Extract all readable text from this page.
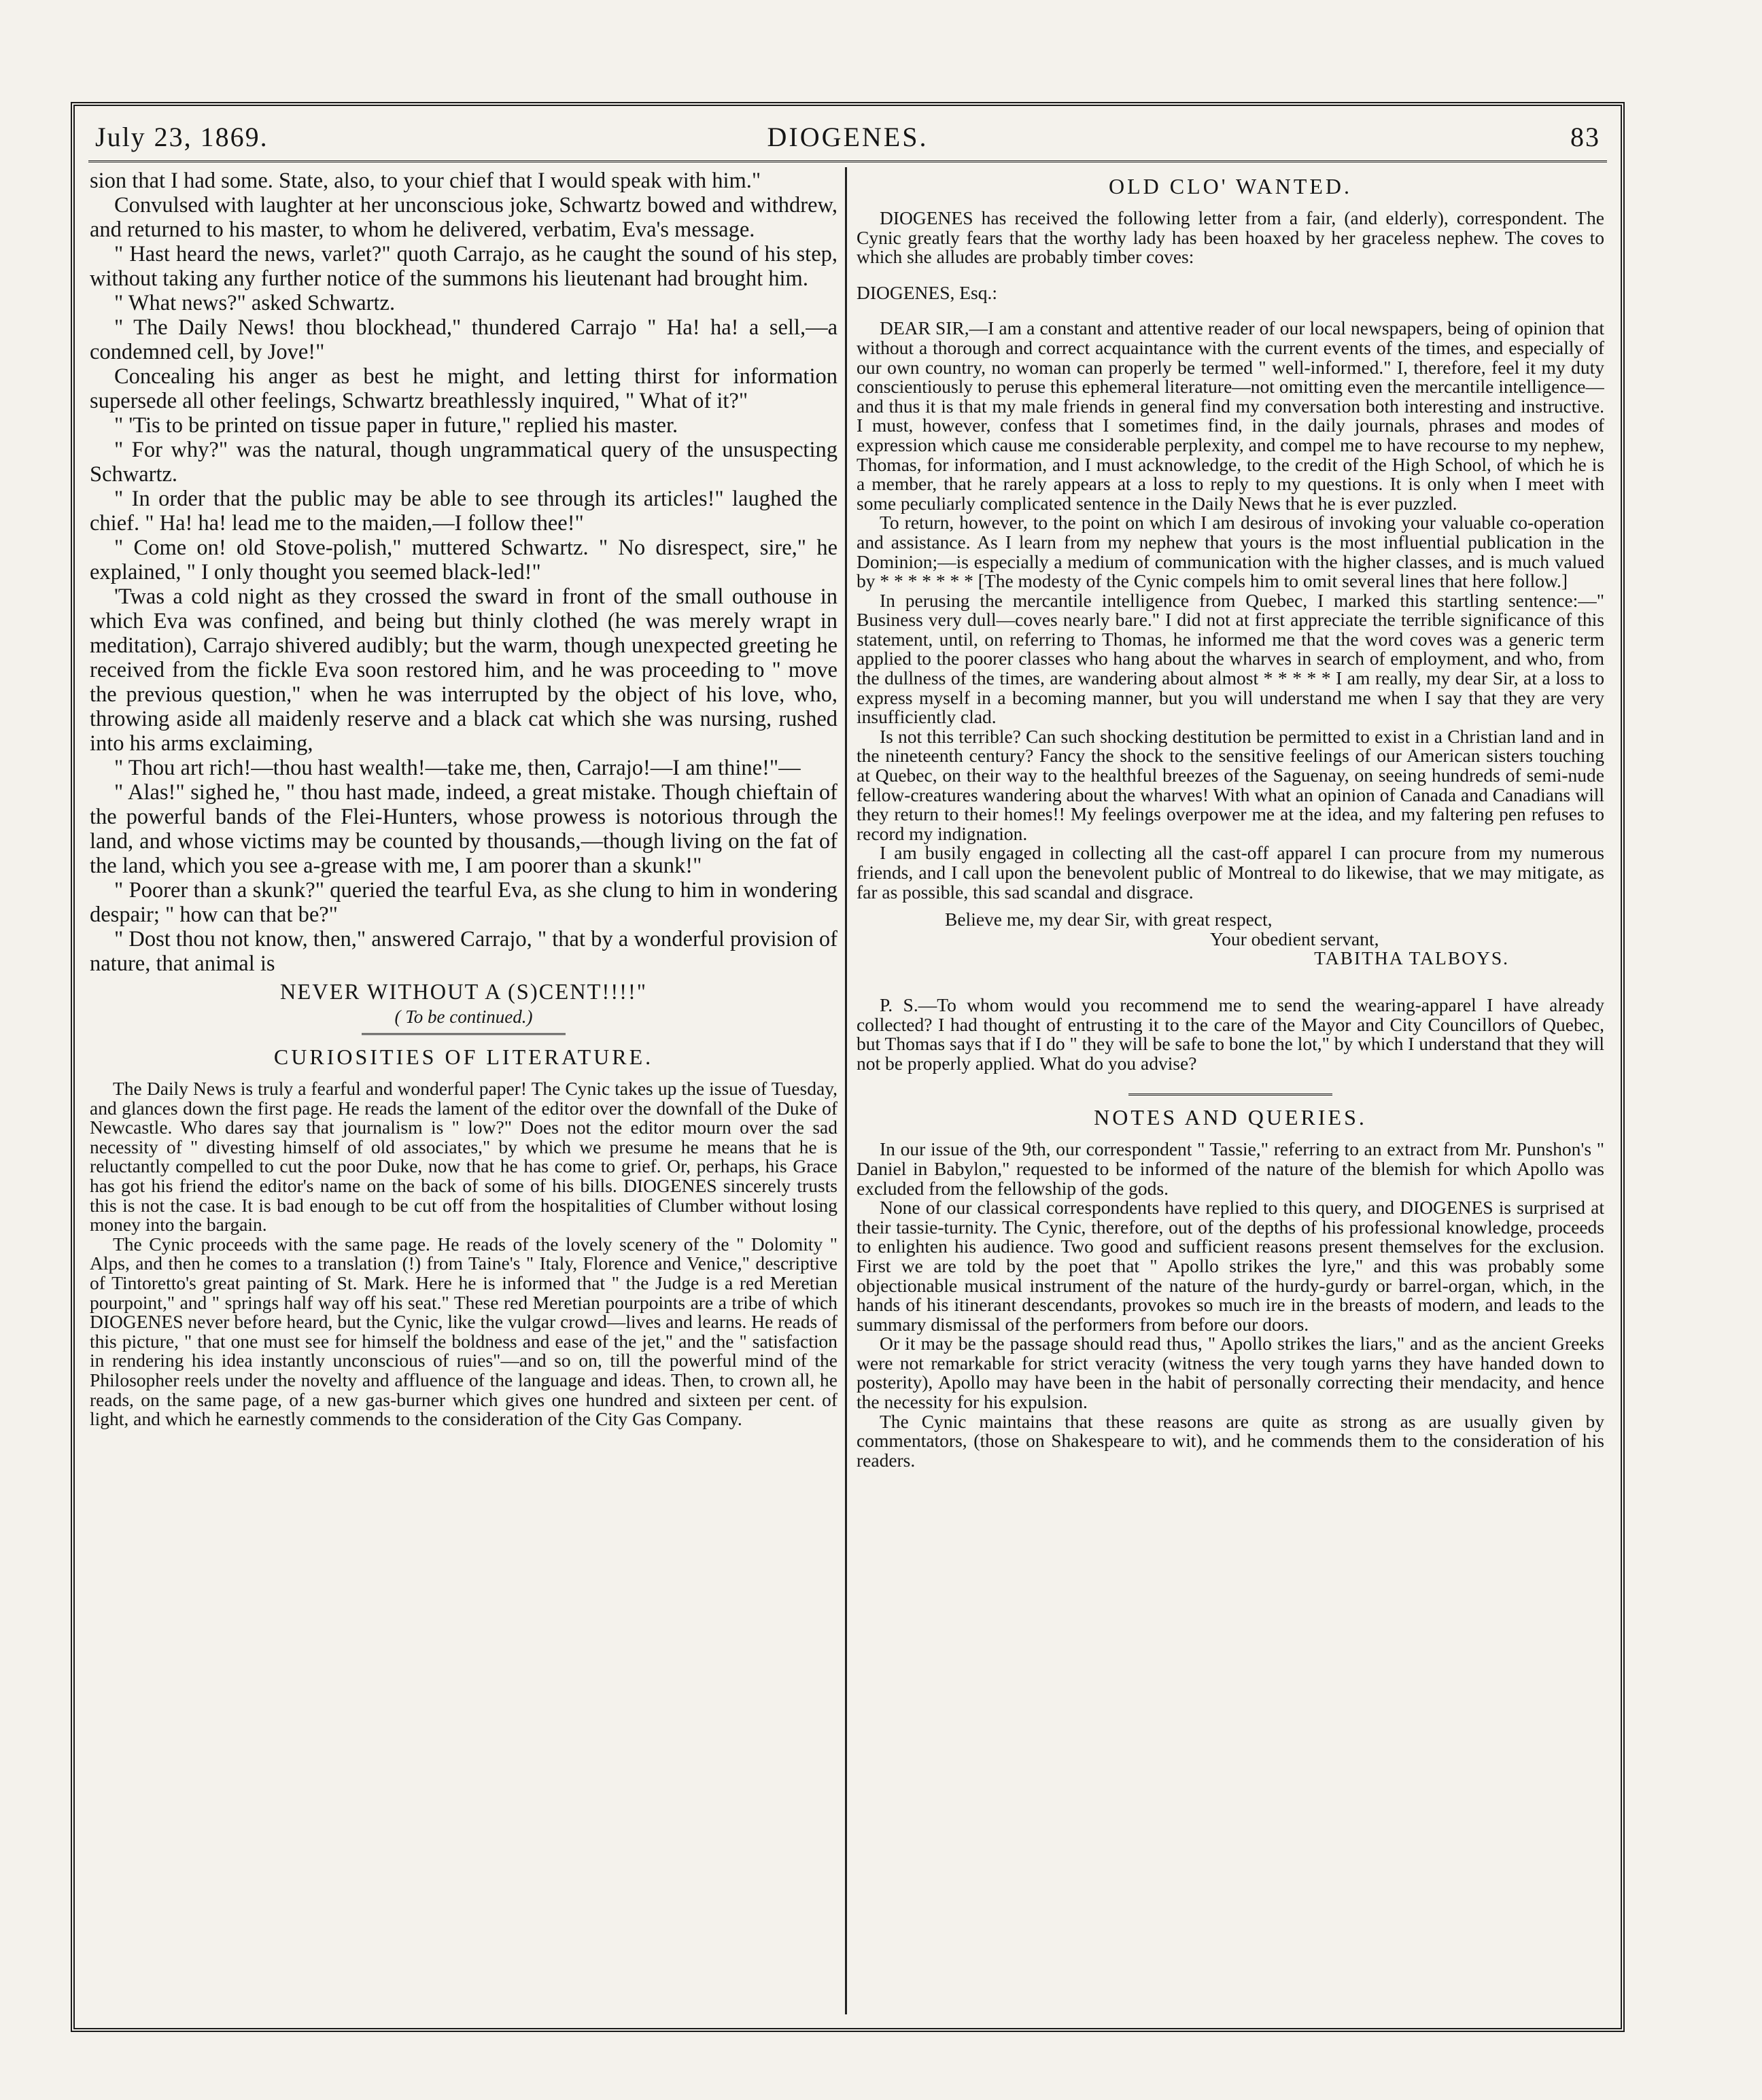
July 23, 1869.	DIOGENES.	83

sion that I had some. State, also, to your chief that I would speak with him."

Convulsed with laughter at her unconscious joke, Schwartz bowed and withdrew, and returned to his master, to whom he delivered, verbatim, Eva's message.

" Hast heard the news, varlet?" quoth Carrajo, as he caught the sound of his step, without taking any further notice of the summons his lieutenant had brought him.

" What news?" asked Schwartz.

" The Daily News! thou blockhead," thundered Carrajo " Ha! ha! a sell,—a condemned cell, by Jove!"

Concealing his anger as best he might, and letting thirst for information supersede all other feelings, Schwartz breathlessly inquired, " What of it?"

" 'Tis to be printed on tissue paper in future," replied his master.

" For why?" was the natural, though ungrammatical query of the unsuspecting Schwartz.

" In order that the public may be able to see through its articles!" laughed the chief. " Ha! ha! lead me to the maiden,—I follow thee!"

" Come on! old Stove-polish," muttered Schwartz. " No disrespect, sire," he explained, " I only thought you seemed black-led!"

'Twas a cold night as they crossed the sward in front of the small outhouse in which Eva was confined, and being but thinly clothed (he was merely wrapt in meditation), Carrajo shivered audibly; but the warm, though unexpected greeting he received from the fickle Eva soon restored him, and he was proceeding to " move the previous question," when he was interrupted by the object of his love, who, throwing aside all maidenly reserve and a black cat which she was nursing, rushed into his arms exclaiming,

" Thou art rich!—thou hast wealth!—take me, then, Carrajo!—I am thine!"—

" Alas!" sighed he, " thou hast made, indeed, a great mistake. Though chieftain of the powerful bands of the Flei-Hunters, whose prowess is notorious through the land, and whose victims may be counted by thousands,—though living on the fat of the land, which you see a-grease with me, I am poorer than a skunk!"

" Poorer than a skunk?" queried the tearful Eva, as she clung to him in wondering despair; " how can that be?"

" Dost thou not know, then," answered Carrajo, " that by a wonderful provision of nature, that animal is

NEVER WITHOUT A (S)CENT!!!!"

( To be continued.)

CURIOSITIES OF LITERATURE.

The Daily News is truly a fearful and wonderful paper! The Cynic takes up the issue of Tuesday, and glances down the first page. He reads the lament of the editor over the downfall of the Duke of Newcastle. Who dares say that journalism is " low?" Does not the editor mourn over the sad necessity of " divesting himself of old associates," by which we presume he means that he is reluctantly compelled to cut the poor Duke, now that he has come to grief. Or, perhaps, his Grace has got his friend the editor's name on the back of some of his bills. DIOGENES sincerely trusts this is not the case. It is bad enough to be cut off from the hospitalities of Clumber without losing money into the bargain.

The Cynic proceeds with the same page. He reads of the lovely scenery of the " Dolomity " Alps, and then he comes to a translation (!) from Taine's " Italy, Florence and Venice," descriptive of Tintoretto's great painting of St. Mark. Here he is informed that " the Judge is a red Meretian pourpoint," and " springs half way off his seat." These red Meretian pourpoints are a tribe of which DIOGENES never before heard, but the Cynic, like the vulgar crowd—lives and learns. He reads of this picture, " that one must see for himself the boldness and ease of the jet," and the " satisfaction in rendering his idea instantly unconscious of ruies"—and so on, till the powerful mind of the Philosopher reels under the novelty and affluence of the language and ideas. Then, to crown all, he reads, on the same page, of a new gas-burner which gives one hundred and sixteen per cent. of light, and which he earnestly commends to the consideration of the City Gas Company.

OLD CLO' WANTED.

DIOGENES has received the following letter from a fair, (and elderly), correspondent. The Cynic greatly fears that the worthy lady has been hoaxed by her graceless nephew. The coves to which she alludes are probably timber coves:

DIOGENES, Esq.:

DEAR SIR,—I am a constant and attentive reader of our local newspapers, being of opinion that without a thorough and correct acquaintance with the current events of the times, and especially of our own country, no woman can properly be termed " well-informed." I, therefore, feel it my duty conscientiously to peruse this ephemeral literature—not omitting even the mercantile intelligence—and thus it is that my male friends in general find my conversation both interesting and instructive. I must, however, confess that I sometimes find, in the daily journals, phrases and modes of expression which cause me considerable perplexity, and compel me to have recourse to my nephew, Thomas, for information, and I must acknowledge, to the credit of the High School, of which he is a member, that he rarely appears at a loss to reply to my questions. It is only when I meet with some peculiarly complicated sentence in the Daily News that he is ever puzzled.

To return, however, to the point on which I am desirous of invoking your valuable co-operation and assistance. As I learn from my nephew that yours is the most influential publication in the Dominion;—is especially a medium of communication with the higher classes, and is much valued by * * * * * * * [The modesty of the Cynic compels him to omit several lines that here follow.]

In perusing the mercantile intelligence from Quebec, I marked this startling sentence:—" Business very dull—coves nearly bare." I did not at first appreciate the terrible significance of this statement, until, on referring to Thomas, he informed me that the word coves was a generic term applied to the poorer classes who hang about the wharves in search of employment, and who, from the dullness of the times, are wandering about almost * * * * * I am really, my dear Sir, at a loss to express myself in a becoming manner, but you will understand me when I say that they are very insufficiently clad.

Is not this terrible? Can such shocking destitution be permitted to exist in a Christian land and in the nineteenth century? Fancy the shock to the sensitive feelings of our American sisters touching at Quebec, on their way to the healthful breezes of the Saguenay, on seeing hundreds of semi-nude fellow-creatures wandering about the wharves! With what an opinion of Canada and Canadians will they return to their homes!! My feelings overpower me at the idea, and my faltering pen refuses to record my indignation.

I am busily engaged in collecting all the cast-off apparel I can procure from my numerous friends, and I call upon the benevolent public of Montreal to do likewise, that we may mitigate, as far as possible, this sad scandal and disgrace.

Believe me, my dear Sir, with great respect,

Your obedient servant,

TABITHA TALBOYS.

P. S.—To whom would you recommend me to send the wearing-apparel I have already collected? I had thought of entrusting it to the care of the Mayor and City Councillors of Quebec, but Thomas says that if I do " they will be safe to bone the lot," by which I understand that they will not be properly applied. What do you advise?

NOTES AND QUERIES.

In our issue of the 9th, our correspondent " Tassie," referring to an extract from Mr. Punshon's " Daniel in Babylon," requested to be informed of the nature of the blemish for which Apollo was excluded from the fellowship of the gods.

None of our classical correspondents have replied to this query, and DIOGENES is surprised at their tassie-turnity. The Cynic, therefore, out of the depths of his professional knowledge, proceeds to enlighten his audience. Two good and sufficient reasons present themselves for the exclusion. First we are told by the poet that " Apollo strikes the lyre," and this was probably some objectionable musical instrument of the nature of the hurdy-gurdy or barrel-organ, which, in the hands of his itinerant descendants, provokes so much ire in the breasts of modern, and leads to the summary dismissal of the performers from before our doors.

Or it may be the passage should read thus, " Apollo strikes the liars," and as the ancient Greeks were not remarkable for strict veracity (witness the very tough yarns they have handed down to posterity), Apollo may have been in the habit of personally correcting their mendacity, and hence the necessity for his expulsion.

The Cynic maintains that these reasons are quite as strong as are usually given by commentators, (those on Shakespeare to wit), and he commends them to the consideration of his readers.
